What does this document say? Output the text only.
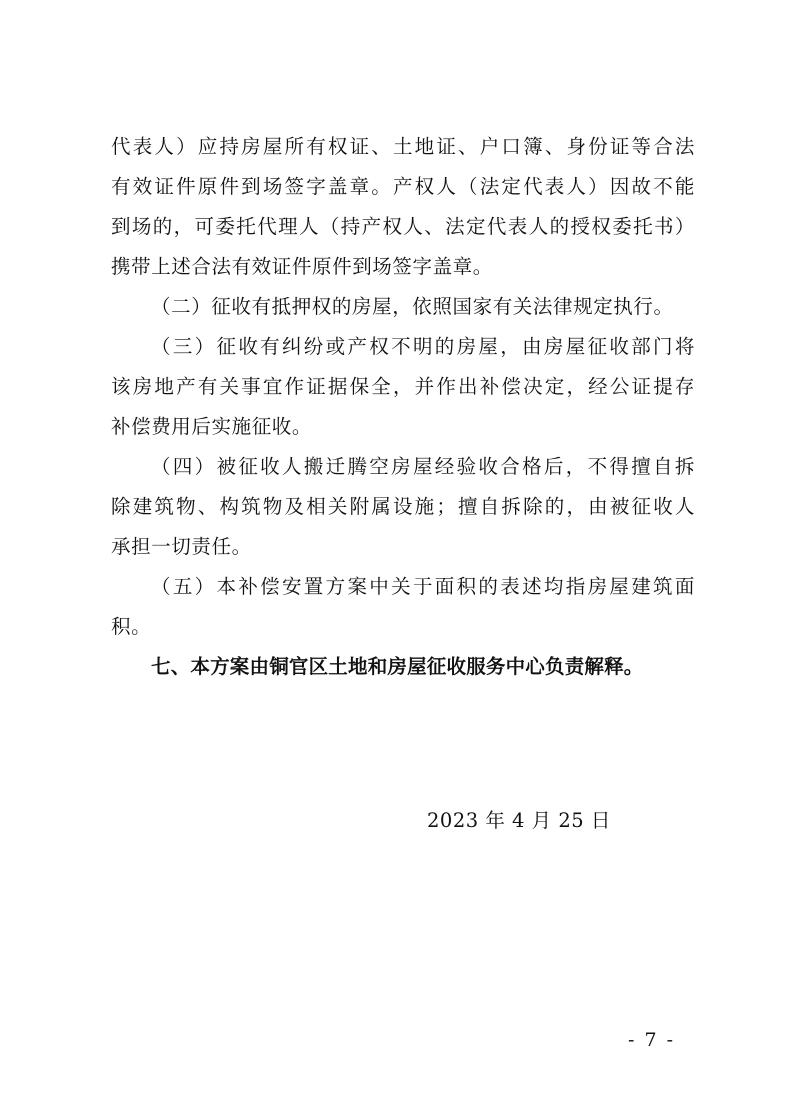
代表人）应持房屋所有权证、土地证、户口簿、身份证等合法
有效证件原件到场签字盖章。产权人（法定代表人）因故不能
到场的，可委托代理人（持产权人、法定代表人的授权委托书）
携带上述合法有效证件原件到场签字盖章。
（二）征收有抵押权的房屋，依照国家有关法律规定执行。
（三）征收有纠纷或产权不明的房屋，由房屋征收部门将
该房地产有关事宜作证据保全，并作出补偿决定，经公证提存
补偿费用后实施征收。
（四）被征收人搬迁腾空房屋经验收合格后，不得擅自拆
除建筑物、构筑物及相关附属设施；擅自拆除的，由被征收人
承担一切责任。
（五）本补偿安置方案中关于面积的表述均指房屋建筑面
积。
七、本方案由铜官区土地和房屋征收服务中心负责解释。
2023 年 4 月 25 日
- 7 -
